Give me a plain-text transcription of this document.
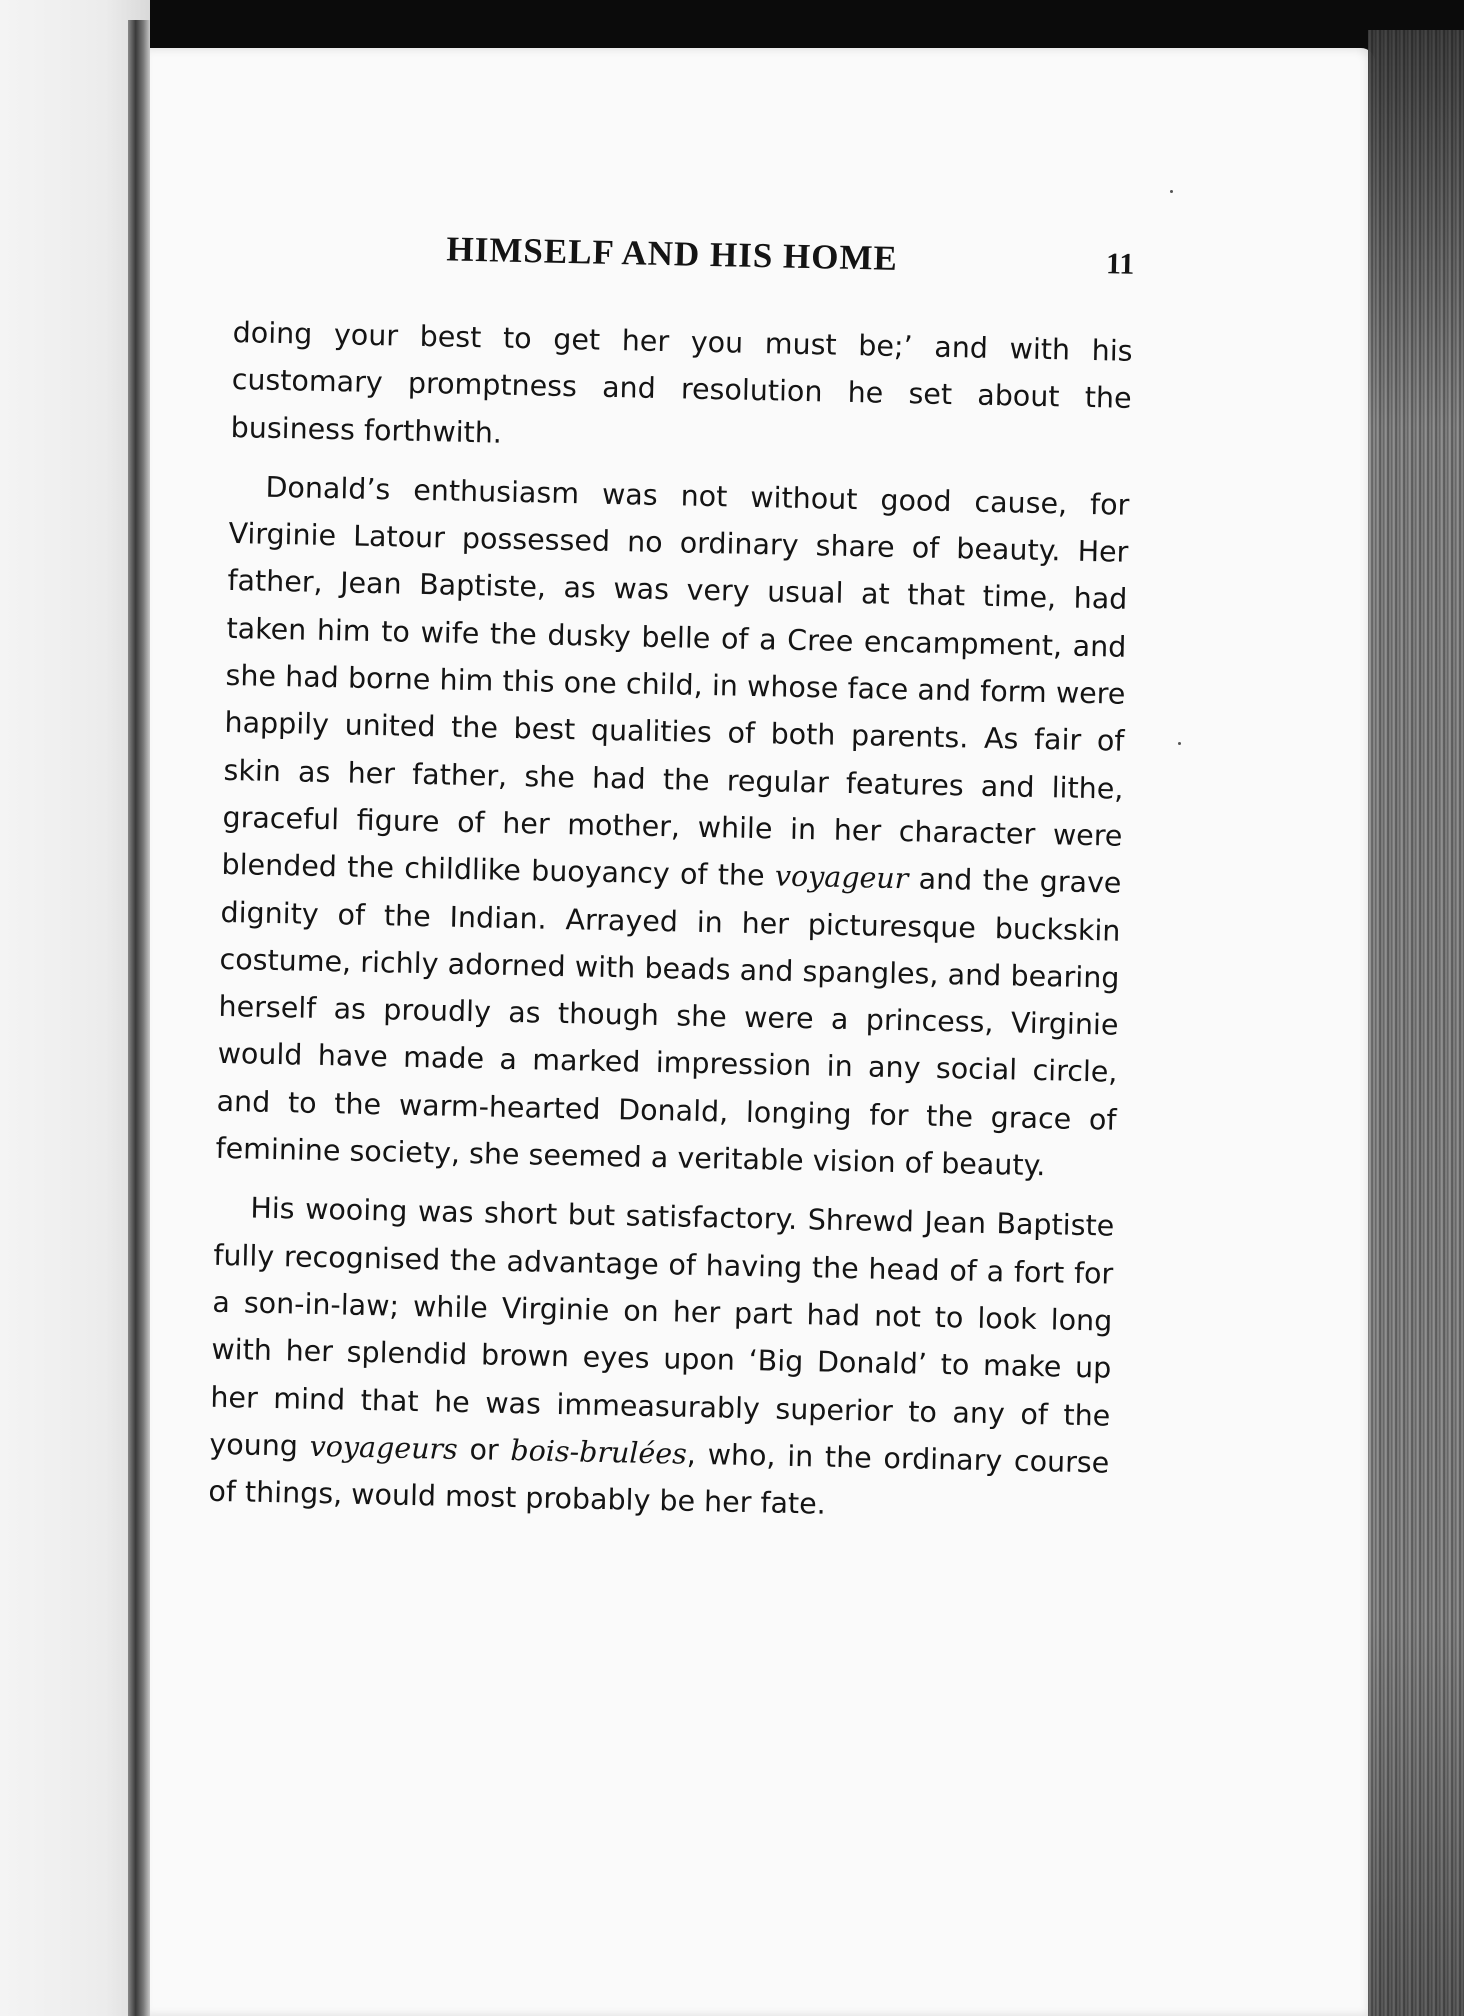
HIMSELF AND HIS HOME	11

doing your best to get her you must be;’ and with his customary promptness and resolution he set about the business forthwith.

Donald’s enthusiasm was not without good cause, for Virginie Latour possessed no ordinary share of beauty. Her father, Jean Baptiste, as was very usual at that time, had taken him to wife the dusky belle of a Cree encampment, and she had borne him this one child, in whose face and form were happily united the best qualities of both parents. As fair of skin as her father, she had the regular features and lithe, graceful figure of her mother, while in her character were blended the childlike buoyancy of the voyageur and the grave dignity of the Indian. Arrayed in her picturesque buckskin costume, richly adorned with beads and spangles, and bearing herself as proudly as though she were a princess, Virginie would have made a marked impression in any social circle, and to the warm-hearted Donald, longing for the grace of feminine society, she seemed a veritable vision of beauty.

His wooing was short but satisfactory. Shrewd Jean Baptiste fully recognised the advantage of having the head of a fort for a son-in-law; while Virginie on her part had not to look long with her splendid brown eyes upon ‘Big Donald’ to make up her mind that he was immeasurably superior to any of the young voyageurs or bois-brulées, who, in the ordinary course of things, would most probably be her fate.
